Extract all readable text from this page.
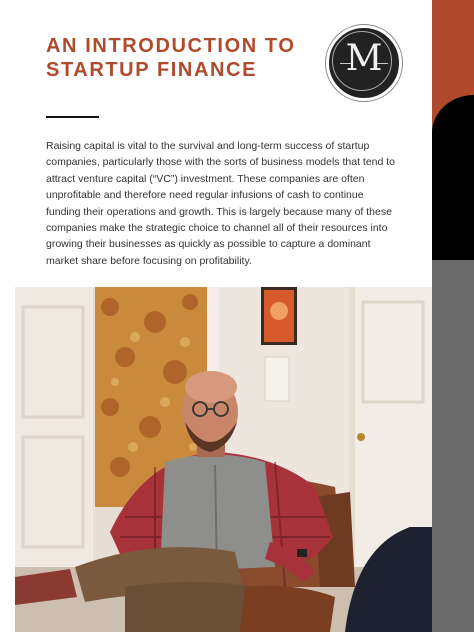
AN INTRODUCTION TO
STARTUP FINANCE	M
Raising capital is vital to the survival and long-term success of startup companies, particularly those with the sorts of business models that tend to attract venture capital (“VC”) investment. These companies are often unprofitable and therefore need regular infusions of cash to continue funding their operations and growth. This is largely because many of these companies make the strategic choice to channel all of their resources into growing their businesses as quickly as possible to capture a dominant market share before focusing on profitability.
